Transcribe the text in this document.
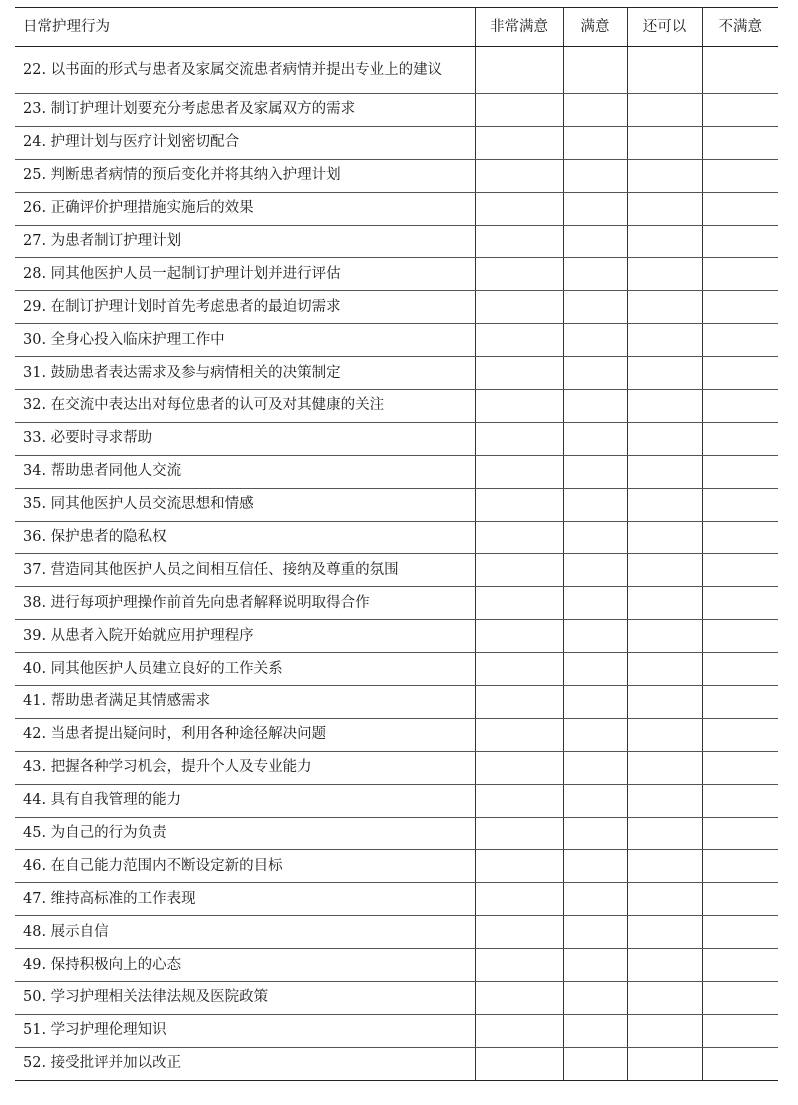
日常护理行为	非常满意	满意	还可以	不满意
22. 以书面的形式与患者及家属交流患者病情并提出专业上的建议				
23. 制订护理计划要充分考虑患者及家属双方的需求				
24. 护理计划与医疗计划密切配合				
25. 判断患者病情的预后变化并将其纳入护理计划				
26. 正确评价护理措施实施后的效果				
27. 为患者制订护理计划				
28. 同其他医护人员一起制订护理计划并进行评估				
29. 在制订护理计划时首先考虑患者的最迫切需求				
30. 全身心投入临床护理工作中				
31. 鼓励患者表达需求及参与病情相关的决策制定				
32. 在交流中表达出对每位患者的认可及对其健康的关注				
33. 必要时寻求帮助				
34. 帮助患者同他人交流				
35. 同其他医护人员交流思想和情感				
36. 保护患者的隐私权				
37. 营造同其他医护人员之间相互信任、接纳及尊重的氛围				
38. 进行每项护理操作前首先向患者解释说明取得合作				
39. 从患者入院开始就应用护理程序				
40. 同其他医护人员建立良好的工作关系				
41. 帮助患者满足其情感需求				
42. 当患者提出疑问时，利用各种途径解决问题				
43. 把握各种学习机会，提升个人及专业能力				
44. 具有自我管理的能力				
45. 为自己的行为负责				
46. 在自己能力范围内不断设定新的目标				
47. 维持高标准的工作表现				
48. 展示自信				
49. 保持积极向上的心态				
50. 学习护理相关法律法规及医院政策				
51. 学习护理伦理知识				
52. 接受批评并加以改正				
